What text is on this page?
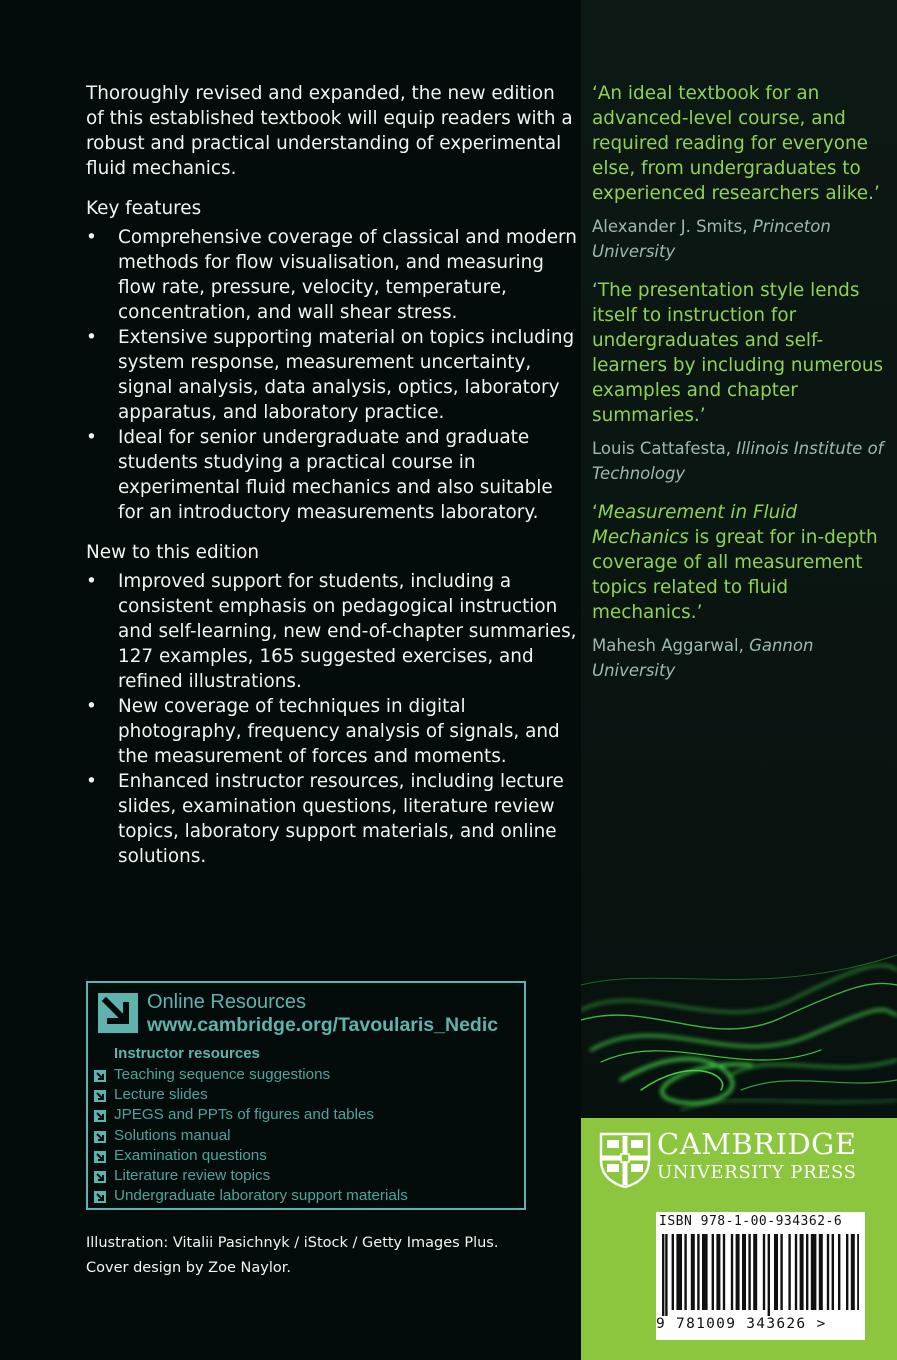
Thoroughly revised and expanded, the new edition of this established textbook will equip readers with a robust and practical understanding of experimental fluid mechanics.

Key features
• Comprehensive coverage of classical and modern methods for flow visualisation, and measuring flow rate, pressure, velocity, temperature, concentration, and wall shear stress.
• Extensive supporting material on topics including system response, measurement uncertainty, signal analysis, data analysis, optics, laboratory apparatus, and laboratory practice.
• Ideal for senior undergraduate and graduate students studying a practical course in experimental fluid mechanics and also suitable for an introductory measurements laboratory.
New to this edition
• Improved support for students, including a consistent emphasis on pedagogical instruction and self-learning, new end-of-chapter summaries, 127 examples, 165 suggested exercises, and refined illustrations.
• New coverage of techniques in digital photography, frequency analysis of signals, and the measurement of forces and moments.
• Enhanced instructor resources, including lecture slides, examination questions, literature review topics, laboratory support materials, and online solutions.

‘An ideal textbook for an advanced-level course, and required reading for everyone else, from undergraduates to experienced researchers alike.’

Alexander J. Smits, Princeton University

‘The presentation style lends itself to instruction for undergraduates and self-learners by including numerous examples and chapter summaries.’

Louis Cattafesta, Illinois Institute of Technology

‘Measurement in Fluid Mechanics is great for in-depth coverage of all measurement topics related to fluid mechanics.’

Mahesh Aggarwal, Gannon University

Online Resources
www.cambridge.org/Tavoularis_Nedic
Instructor resources
Teaching sequence suggestions
Lecture slides
JPEGS and PPTs of figures and tables
Solutions manual
Examination questions
Literature review topics
Undergraduate laboratory support materials
Illustration: Vitalii Pasichnyk / iStock / Getty Images Plus.
Cover design by Zoe Naylor.
CAMBRIDGE
UNIVERSITY PRESS
ISBN 978-1-00-934362-6
9 781009 343626 >
